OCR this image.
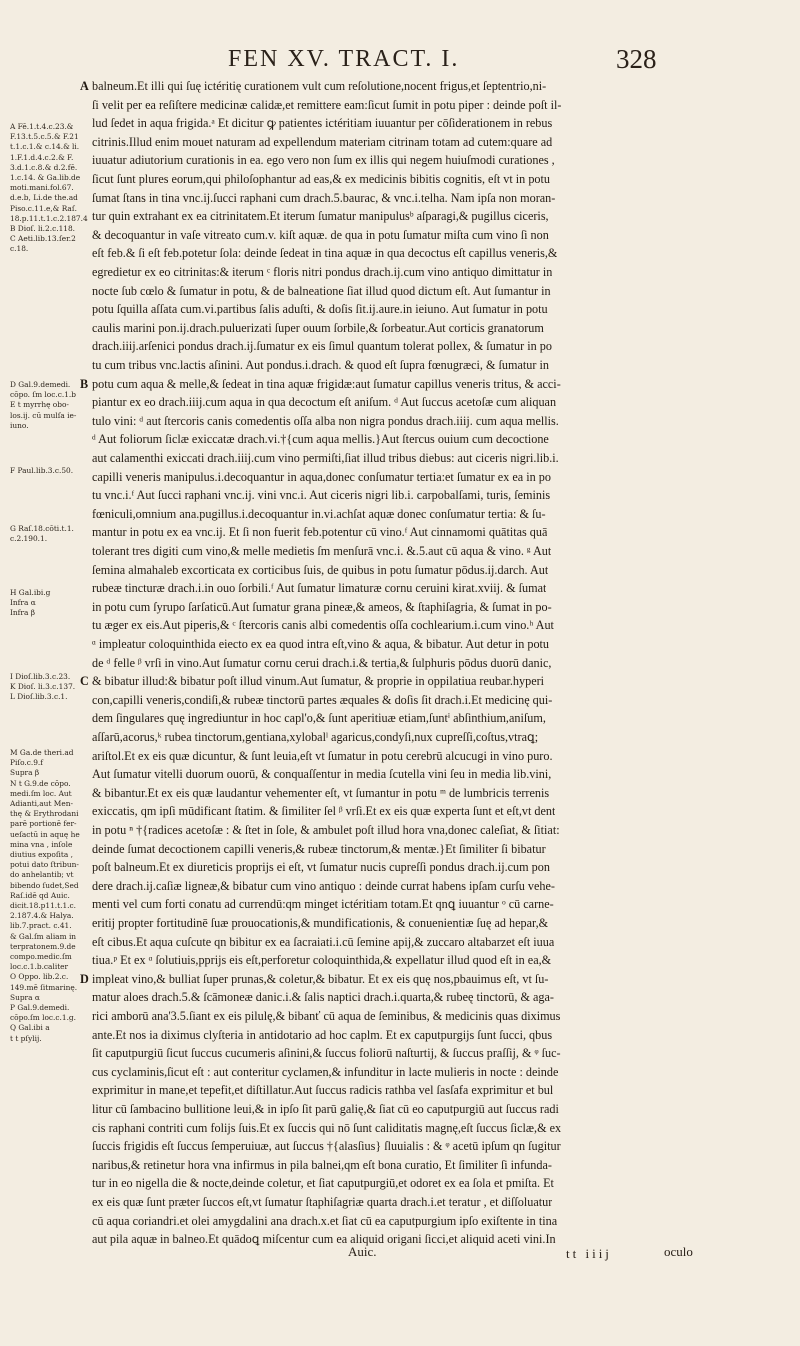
FEN XV. TRACT. I.	328
A Fē.1.t.4.c.23.&
F.13.t.5.c.5.& F.21
t.1.c.1.& c.14.& li.
1.F.1.d.4.c.2.& F.
3.d.1.c.8.& d.2.fē.
1.c.14. & Ga.lib.de
moti.mani.fol.67.
d.e.b, Li.de the.ad
Piso.c.11.e,& Raſ.
18.p.11.t.1.c.2.187.4
B Dioſ. li.2.c.118.
C Aeti.lib.13.ſer.2
c.18.
D Gal.9.demedi.
cōpo. ſm loc.c.1.b
E t myrrhę obo-
los.ij. cū mulſa ie-
iuno.
F Paul.lib.3.c.50.
G Raſ.18.cōti.t.1.
c.2.190.1.
H Gal.ibi.g
Infra α
Infra β
I Dioſ.lib.3.c.23.
K Dioſ. li.3.c.137.
L Dioſ.lib.3.c.1.
M Ga.de theri.ad
Piſo.c.9.f
Supra β
N t G.9.de cōpo.
medi.ſm loc. Aut
Adianti,aut Men-
thę & Erythrodani
parē portionē fer-
ueſactū in aquę he
mina vna , inſole
diutius expoſita ,
potui dato ſtribun-
do anhelantib; vt
bibendo ſudet,Sed
Raſ.idē qd Auic.
dicit.18.p11.t.1.c.
2.187.4.& Halya.
lib.7.pract. c.41.
& Gal.ſm aliam in
terpratonem.9.de
compo.medic.ſm
loc.c.1.b.caliter
O Oppo. lib.2.c.
149.mē ſitmarinę.
Supra α
P Gal.9.demedi.
cōpo.ſm loc.c.1.g.
Q Gal.ibi a
t t pſylij.
A balneum.Et illi qui ſuę ictéritię curationem vult cum reſolutione,nocent frigus,et ſeptentrio,ni-
ſi velit per ea reſiſtere medicinæ calidæ,et remittere eam:ſicut ſumit in potu piper : deinde poſt il-
lud ſedet in aqua frigida.ᵃ Et dicitur ꝙ patientes ictéritiam iuuantur per cōſiderationem in rebus
citrinis.Illud enim mouet naturam ad expellendum materiam citrinam totam ad cutem:quare ad
iuuatur adiutorium curationis in ea. ego vero non ſum ex illis qui negem huiuſmodi curationes ,
ſicut ſunt plures eorum,qui philoſophantur ad eas,& ex medicinis bibitis cognitis, eſt vt in potu
ſumat ſtans in tina vnc.ij.ſucci raphani cum drach.5.baurac, & vnc.i.telha. Nam ipſa non moran-
tur quin extrahant ex ea citrinitatem.Et iterum ſumatur manipulusᵇ aſparagi,& pugillus ciceris,
& decoquantur in vaſe vitreato cum.v. kiſt aquæ. de qua in potu ſumatur miſta cum vino ſi non
eſt feb.& ſi eſt feb.potetur ſola: deinde ſedeat in tina aquæ in qua decoctus eſt capillus veneris,&
egredietur ex eo citrinitas:& iterum ᶜ floris nitri pondus drach.ij.cum vino antiquo dimittatur in
nocte ſub cœlo & ſumatur in potu, & de balneatione ſiat illud quod dictum eſt. Aut ſumantur in
potu ſquilla aſſata cum.vi.partibus ſalis aduſti, & doſis ſit.ij.aure.in ieiuno. Aut ſumatur in potu
caulis marini pon.ij.drach.puluerizati ſuper ouum ſorbile,& ſorbeatur.Aut corticis granatorum
drach.iiij.arſenici pondus drach.ij.ſumatur ex eis ſimul quantum tolerat pollex, & ſumatur in po
tu cum tribus vnc.lactis aſinini. Aut pondus.i.drach. & quod eſt ſupra fœnugræci, & ſumatur in
B potu cum aqua & melle,& ſedeat in tina aquæ frigidæ:aut ſumatur capillus veneris tritus, & acci-
piantur ex eo drach.iiij.cum aqua in qua decoctum eſt aniſum. ᵈ Aut ſuccus acetoſæ cum aliquan
tulo vini: ᵈ aut ſtercoris canis comedentis oſſa alba non nigra pondus drach.iiij. cum aqua mellis.
ᵈ Aut foliorum ſiclæ exiccatæ drach.vi.†{cum aqua mellis.}Aut ſtercus ouium cum decoctione
aut calamenthi exiccati drach.iiij.cum vino permiſti,ſiat illud tribus diebus: aut ciceris nigri.lib.i.
capilli veneris manipulus.i.decoquantur in aqua,donec conſumatur tertia:et ſumatur ex ea in po
tu vnc.i.ᶠ Aut ſucci raphani vnc.ij. vini vnc.i. Aut ciceris nigri lib.i. carpobalſami, turis, ſeminis
fœniculi,omnium ana.pugillus.i.decoquantur in.vi.achſat aquæ donec conſumatur tertia: & ſu-
mantur in potu ex ea vnc.ij. Et ſi non fuerit feb.potentur cū vino.ᶠ Aut cinnamomi quātitas quā
tolerant tres digiti cum vino,& melle medietis ſm menſurā vnc.i. &.5.aut cū aqua & vino. ᵍ Aut
ſemina almahaleb excorticata ex corticibus ſuis, de quibus in potu ſumatur pōdus.ij.darch. Aut
rubeæ tincturæ drach.i.in ouo ſorbili.ᶠ Aut ſumatur limaturæ cornu ceruini kirat.xviij. & ſumat
in potu cum ſyrupo ſarſaticū.Aut ſumatur grana pineæ,& ameos, & ſtaphiſagria, & ſumat in po-
tu æger ex eis.Aut piperis,& ᶜ ſtercoris canis albi comedentis oſſa cochlearium.i.cum vino.ʰ Aut
ᵅ impleatur coloquinthida eiecto ex ea quod intra eſt,vino & aqua, & bibatur. Aut detur in potu
de ᵈ felle ᵝ vrſi in vino.Aut ſumatur cornu cerui drach.i.& tertia,& ſulphuris pōdus duorū danic,
C & bibatur illud:& bibatur poſt illud vinum.Aut ſumatur, & proprie in oppilatiua reubar.hyperi
con,capilli veneris,condiſi,& rubeæ tinctorū partes æquales & doſis ſit drach.i.Et medicinę qui-
dem ſingulares quę ingrediuntur in hoc capl'o,& ſunt aperitiuæ etiam,ſuntⁱ abſinthium,aniſum,
aſſarū,acorus,ᵏ rubea tinctorum,gentiana,xylobalˡ agaricus,condyſi,nux cupreſſi,coſtus,vtraꝗ;
ariſtol.Et ex eis quæ dicuntur, & ſunt leuia,eſt vt ſumatur in potu cerebrū alcucugi in vino puro.
Aut ſumatur vitelli duorum ouorū, & conquaſſentur in media ſcutella vini ſeu in media lib.vini,
& bibantur.Et ex eis quæ laudantur vehementer eſt, vt ſumantur in potu ᵐ de lumbricis terrenis
exiccatis, qm ipſi mūdificant ſtatim. & ſimiliter ſel ᵝ vrſi.Et ex eis quæ experta ſunt et eſt,vt dent
in potu ⁿ †{radices acetoſæ : & ſtet in ſole, & ambulet poſt illud hora vna,donec caleſiat, & ſitiat:
deinde ſumat decoctionem capilli veneris,& rubeæ tinctorum,& mentæ.}Et ſimiliter ſi bibatur
poſt balneum.Et ex diureticis proprijs ei eſt, vt ſumatur nucis cupreſſi pondus drach.ij.cum pon
dere drach.ij.caſiæ ligneæ,& bibatur cum vino antiquo : deinde currat habens ipſam curſu vehe-
menti vel cum forti conatu ad currendū:qm minget ictéritiam totam.Et qnꝗ iuuantur ᵒ cū carne-
eritij propter fortitudinē ſuæ prouocationis,& mundificationis, & conuenientiæ ſuę ad hepar,&
eſt cibus.Et aqua cuſcute qn bibitur ex ea ſacraiati.i.cū ſemine apij,& zuccaro altabarzet eſt iuua
tiua.ᵖ Et ex ᵅ ſolutiuis,pprijs eis eſt,perforetur coloquinthida,& expellatur illud quod eſt in ea,&
D impleat vino,& bulliat ſuper prunas,& coletur,& bibatur. Et ex eis quę nos,pbauimus eſt, vt ſu-
matur aloes drach.5.& ſcāmoneæ danic.i.& ſalis naptici drach.i.quarta,& rubeę tinctorū, & aga-
rici amborū ana'3.5.ſiant ex eis pilulę,& bibanť cū aqua de ſeminibus, & medicinis quas diximus
ante.Et nos ia diximus clyſteria in antidotario ad hoc caplm. Et ex caputpurgijs ſunt ſucci, qbus
ſit caputpurgiū ſicut ſuccus cucumeris aſinini,& ſuccus foliorū naſturtij, & ſuccus praſſij, & ᵠ ſuc-
cus cyclaminis,ſicut eſt : aut conteritur cyclamen,& infunditur in lacte mulieris in nocte : deinde
exprimitur in mane,et tepefit,et diſtillatur.Aut ſuccus radicis rathba vel ſasſafa exprimitur et bul
litur cū ſambacino bullitione leui,& in ipſo ſit parū galię,& ſiat cū eo caputpurgiū aut ſuccus radi
cis raphani contriti cum folijs ſuis.Et ex ſuccis qui nō ſunt caliditatis magnę,eſt ſuccus ſiclæ,& ex
ſuccis frigidis eſt ſuccus ſemperuiuæ, aut ſuccus †{alasſius} ſluuialis : & ᵠ acetū ipſum qn ſugitur
naribus,& retinetur hora vna infirmus in pila balnei,qm eſt bona curatio, Et ſimiliter ſi infunda-
tur in eo nigella die & nocte,deinde coletur, et ſiat caputpurgiū,et odoret ex ea ſola et pmiſta. Et
ex eis quæ ſunt præter ſuccos eſt,vt ſumatur ſtaphiſagriæ quarta drach.i.et teratur , et diſſoluatur
cū aqua coriandri.et olei amygdalini ana drach.x.et ſiat cū ea caputpurgium ipſo exiſtente in tina
aut pila aquæ in balneo.Et quādoꝗ miſcentur cum ea aliquid origani ſicci,et aliquid aceti vini.In
Auic.	tt iiij	oculo
